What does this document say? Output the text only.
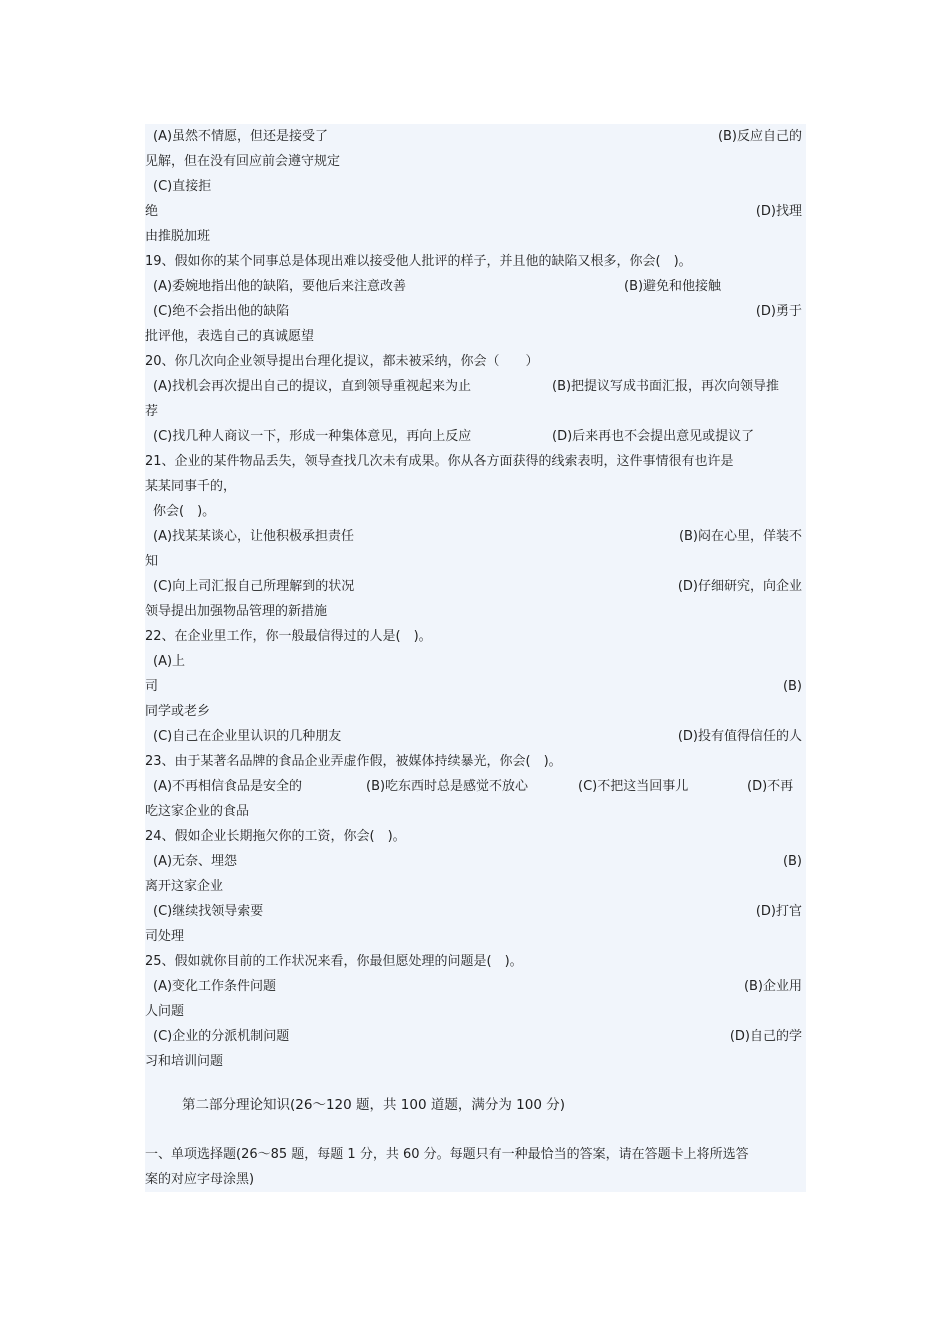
(A)虽然不情愿，但还是接受了	(B)反应自己的
见解，但在没有回应前会遵守规定
(C)直接拒
绝	(D)找理
由推脱加班
19、假如你的某个同事总是体现出难以接受他人批评的样子，并且他的缺陷又根多，你会(　)。
(A)委婉地指出他的缺陷，要他后来注意改善	(B)避免和他接触
(C)绝不会指出他的缺陷	(D)勇于
批评他，表选自己的真诚愿望
20、你几次向企业领导提出台理化提议，都未被采纳，你会（　　）
(A)找机会再次提出自己的提议，直到领导重视起来为止	(B)把提议写成书面汇报，再次向领导推
荐
(C)找几种人商议一下，形成一种集体意见，再向上反应	(D)后来再也不会提出意见或提议了
21、企业的某件物品丢失，领导查找几次未有成果。你从各方面获得的线索表明，这件事情很有也许是
某某同事千的，
你会(　)。
(A)找某某谈心，让他积极承担责任	(B)闷在心里，佯装不
知
(C)向上司汇报自己所理解到的状况	(D)仔细研究，向企业
领导提出加强物品管理的新措施
22、在企业里工作，你一般最信得过的人是(　)。
(A)上
司	(B)
同学或老乡
(C)自己在企业里认识的几种朋友	(D)投有值得信任的人
23、由于某著名品牌的食品企业弄虚作假，被媒体持续暴光，你会(　)。
(A)不再相信食品是安全的	(B)吃东西时总是感觉不放心	(C)不把这当回事儿	(D)不再
吃这家企业的食品
24、假如企业长期拖欠你的工资，你会(　)。
(A)无奈、埋怨	(B)
离开这家企业
(C)继续找领导索要	(D)打官
司处理
25、假如就你目前的工作状况来看，你最但愿处理的问题是(　)。
(A)变化工作条件问题	(B)企业用
人问题
(C)企业的分派机制问题	(D)自己的学
习和培训问题
第二部分理论知识(26～120 题，共 100 道题，满分为 100 分)
一、单项选择题(26～85 题，每题 1 分，共 60 分。每题只有一种最恰当的答案，请在答题卡上将所选答
案的对应字母涂黑)
